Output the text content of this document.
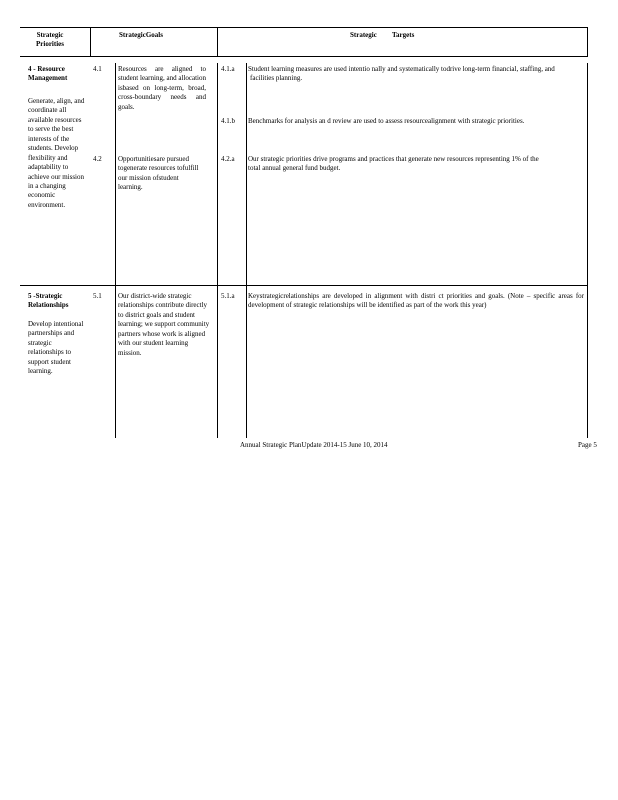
Strategic Priorities
StrategicGoals	Strategic Targets
4 - Resource Management
Generate, align, and coordinate all available resources to serve the best interests of the students. Develop flexibility and adaptability to achieve our mission in a changing economic environment.
4.1 Resources are aligned to student learning, and allocation isbased on long-term, broad, cross-boundary needs and goals.
4.2 Opportunitiesare pursued togenerate resources tofulfill our mission ofstudent learning.
4.1.a Student learning measures are used intentio nally and systematically todrive long-term financial, staffing, and facilities planning.
4.1.b Benchmarks for analysis an d review are used to assess resourcealignment with strategic priorities.
4.2.a Our strategic priorities drive programs and practices that generate new resources representing 1% of the total annual general fund budget.
5 -Strategic Relationships
Develop intentional partnerships and strategic relationships to support student learning.
5.1 Our district-wide strategic relationships contribute directly to district goals and student learning; we support community partners whose work is aligned with our student learning mission.
5.1.a Keystrategicrelationships are developed in alignment with distri ct priorities and goals. (Note – specific areas for development of strategic relationships will be identified as part of the work this year)
Annual Strategic PlanUpdate 2014-15 June 10, 2014	Page 5
